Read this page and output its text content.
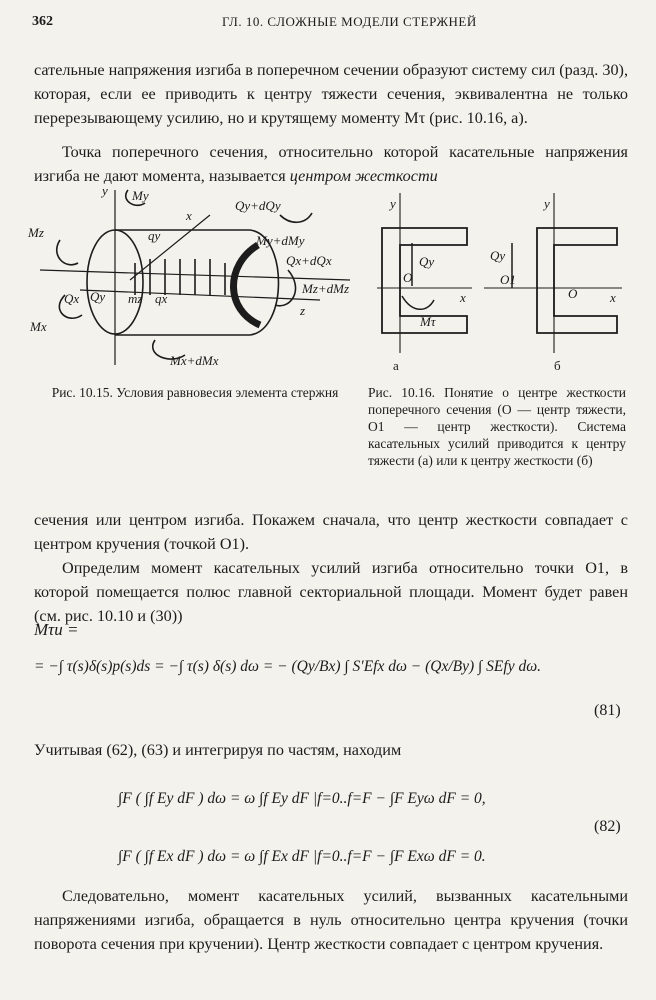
362	ГЛ. 10. СЛОЖНЫЕ МОДЕЛИ СТЕРЖНЕЙ

сательные напряжения изгиба в поперечном сечении образуют систему сил (разд. 30), которая, если ее приводить к центру тяжести сечения, эквивалентна не только перерезывающему усилию, но и крутящему моменту Mτ (рис. 10.16, а).

Точка поперечного сечения, относительно которой касательные напряжения изгиба не дают момента, называется центром жесткости

y My
Qy+dQy
Mz	qy
x
My+dMy
Qx+dQx
Qx Qy mz qx
Mz+dMz
z
Mx
Mx+dMx
Рис. 10.15. Условия равновесия элемента стержня
y
Qy
O
x
Mτ
а
y
Qy
O1
O	x
б
Рис. 10.16. Понятие о центре жесткости поперечного сечения (O — центр тяжести, O1 — центр жесткости). Система касательных усилий приводится к центру тяжести (а) или к центру жесткости (б)

сечения или центром изгиба. Покажем сначала, что центр жесткости совпадает с центром кручения (точкой O1).

Определим момент касательных усилий изгиба относительно точки O1, в которой помещается полюс главной секториальной площади. Момент будет равен (см. рис. 10.10 и (30))

Mτи =
= −∫ τ(s)δ(s)p(s)ds = −∫ τ(s) δ(s) dω = − (Qy/Bx) ∫ S′Efx dω − (Qx/By) ∫ SEfy dω.
(81)

Учитывая (62), (63) и интегрируя по частям, находим

∫F ( ∫f Ey dF ) dω = ω ∫f Ey dF |f=0..f=F − ∫F Eyω dF = 0,
∫F ( ∫f Ex dF ) dω = ω ∫f Ex dF |f=0..f=F − ∫F Exω dF = 0.
(82)

Следовательно, момент касательных усилий, вызванных касательными напряжениями изгиба, обращается в нуль относительно центра кручения (точки поворота сечения при кручении). Центр жесткости совпадает с центром кручения.
